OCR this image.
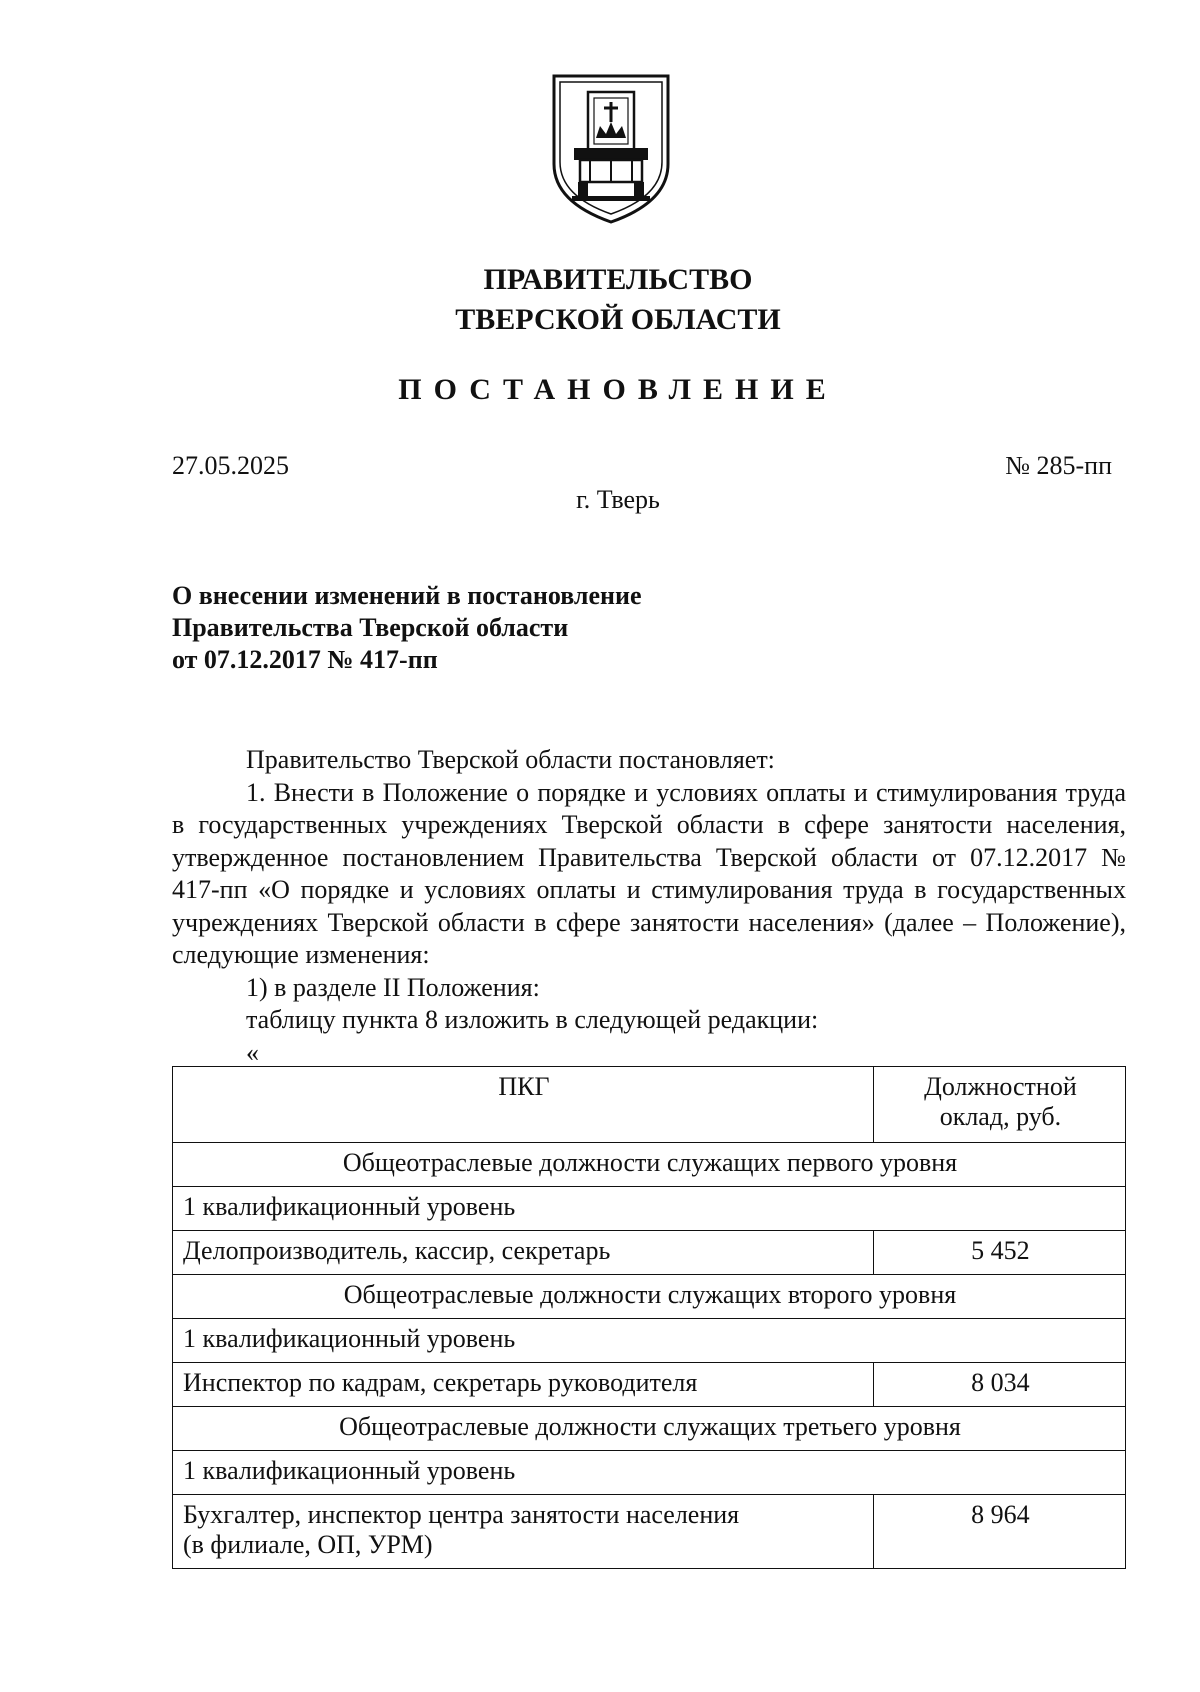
ПРАВИТЕЛЬСТВО
ТВЕРСКОЙ ОБЛАСТИ
ПОСТАНОВЛЕНИЕ
27.05.2025	№ 285-пп
г. Тверь
О внесении изменений в постановление
Правительства Тверской области
от 07.12.2017 № 417-пп

Правительство Тверской области постановляет:

1. Внести в Положение о порядке и условиях оплаты и стимулирования труда в государственных учреждениях Тверской области в сфере занятости населения, утвержденное постановлением Правительства Тверской области от 07.12.2017 № 417-пп «О порядке и условиях оплаты и стимулирования труда в государственных учреждениях Тверской области в сфере занятости населения» (далее – Положение), следующие изменения:

1) в разделе II Положения:

таблицу пункта 8 изложить в следующей редакции:

«

ПКГ	Должностной
оклад, руб.

Общеотраслевые должности служащих первого уровня	
1 квалификационный уровень	
Делопроизводитель, кассир, секретарь	5 452
Общеотраслевые должности служащих второго уровня	
1 квалификационный уровень	
Инспектор по кадрам, секретарь руководителя	8 034
Общеотраслевые должности служащих третьего уровня	
1 квалификационный уровень	

Бухгалтер, инспектор центра занятости населения
(в филиале, ОП, УРМ)	8 964
